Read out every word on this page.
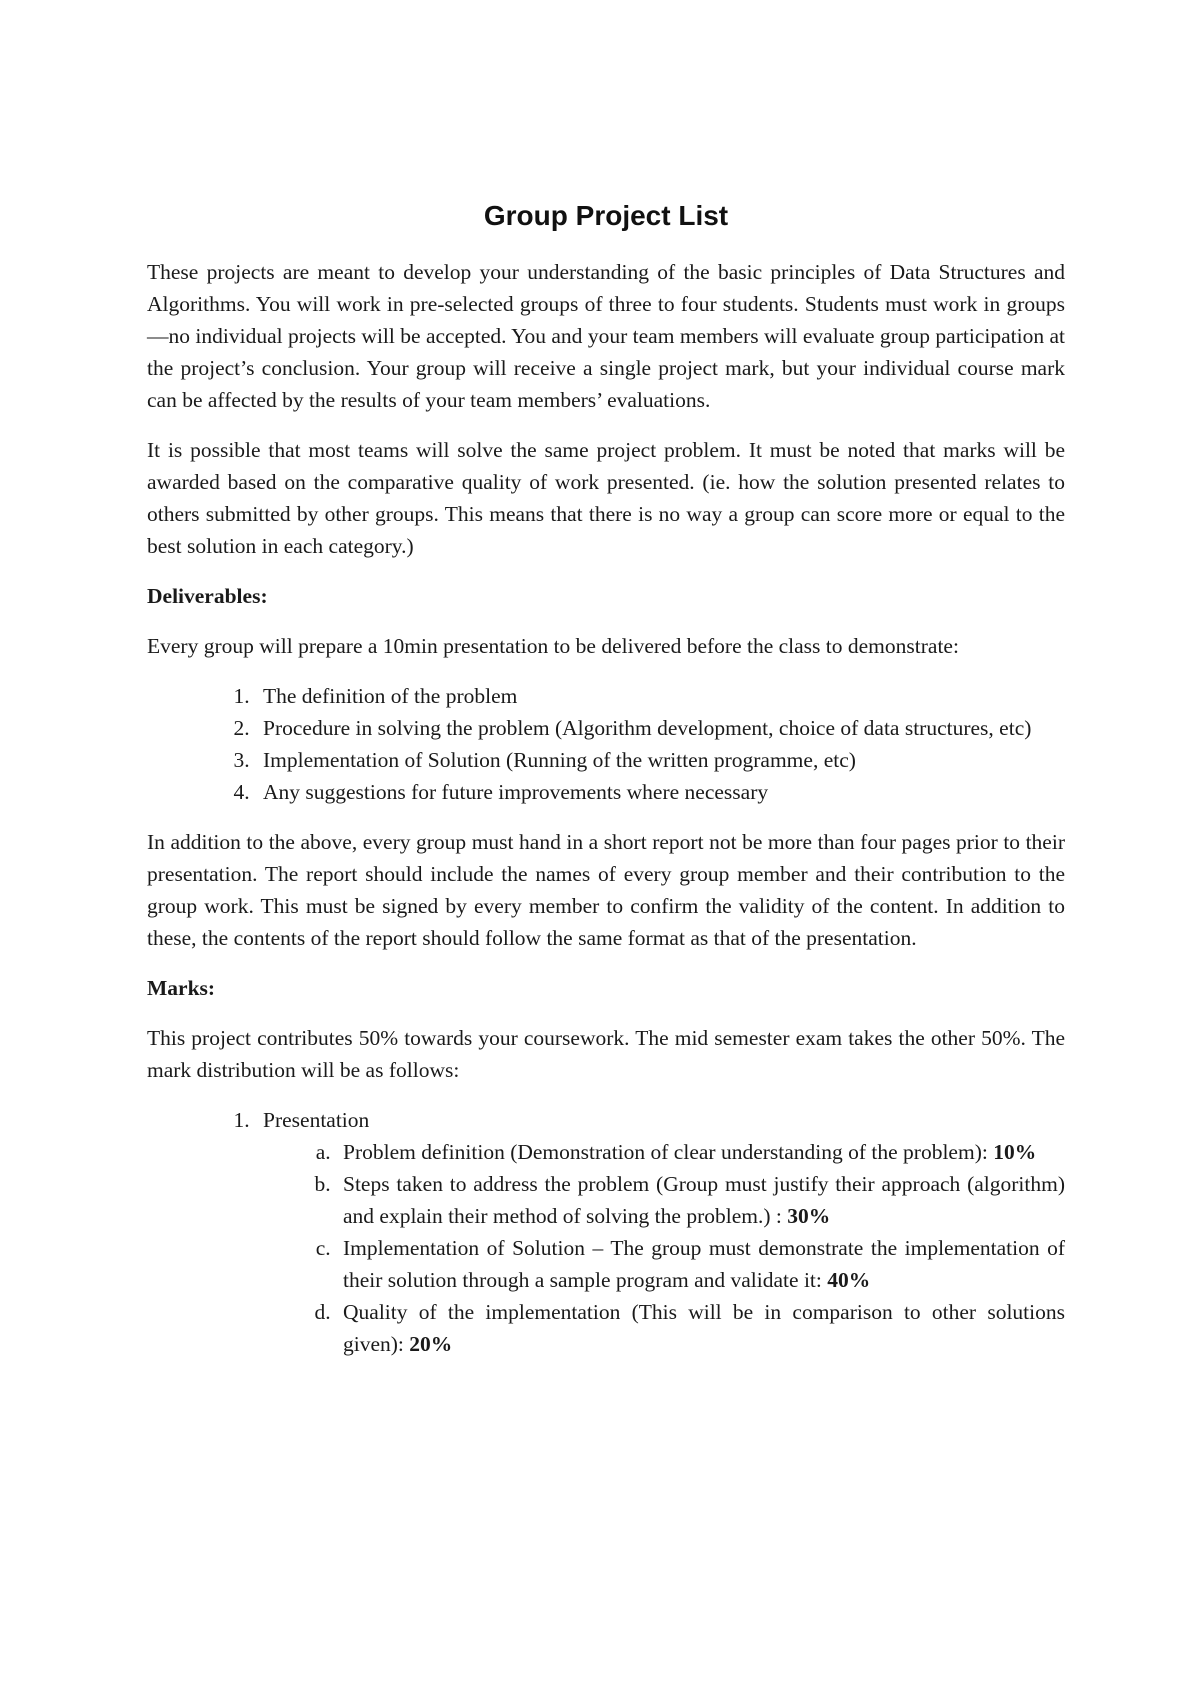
Group Project List

These projects are meant to develop your understanding of the basic principles of Data Structures and Algorithms. You will work in pre-selected groups of three to four students. Students must work in groups—no individual projects will be accepted. You and your team members will evaluate group participation at the project’s conclusion. Your group will receive a single project mark, but your individual course mark can be affected by the results of your team members’ evaluations.

It is possible that most teams will solve the same project problem. It must be noted that marks will be awarded based on the comparative quality of work presented. (ie. how the solution presented relates to others submitted by other groups. This means that there is no way a group can score more or equal to the best solution in each category.)

Deliverables:

Every group will prepare a 10min presentation to be delivered before the class to demonstrate:

1. The definition of the problem
2. Procedure in solving the problem (Algorithm development, choice of data structures, etc)
3. Implementation of Solution (Running of the written programme, etc)
4. Any suggestions for future improvements where necessary

In addition to the above, every group must hand in a short report not be more than four pages prior to their presentation. The report should include the names of every group member and their contribution to the group work. This must be signed by every member to confirm the validity of the content. In addition to these, the contents of the report should follow the same format as that of the presentation.

Marks:

This project contributes 50% towards your coursework. The mid semester exam takes the other 50%. The mark distribution will be as follows:

1. Presentation
a. Problem definition (Demonstration of clear understanding of the problem): 10%
b. Steps taken to address the problem (Group must justify their approach (algorithm) and explain their method of solving the problem.) : 30%
c. Implementation of Solution – The group must demonstrate the implementation of their solution through a sample program and validate it: 40%
d. Quality of the implementation (This will be in comparison to other solutions given): 20%
